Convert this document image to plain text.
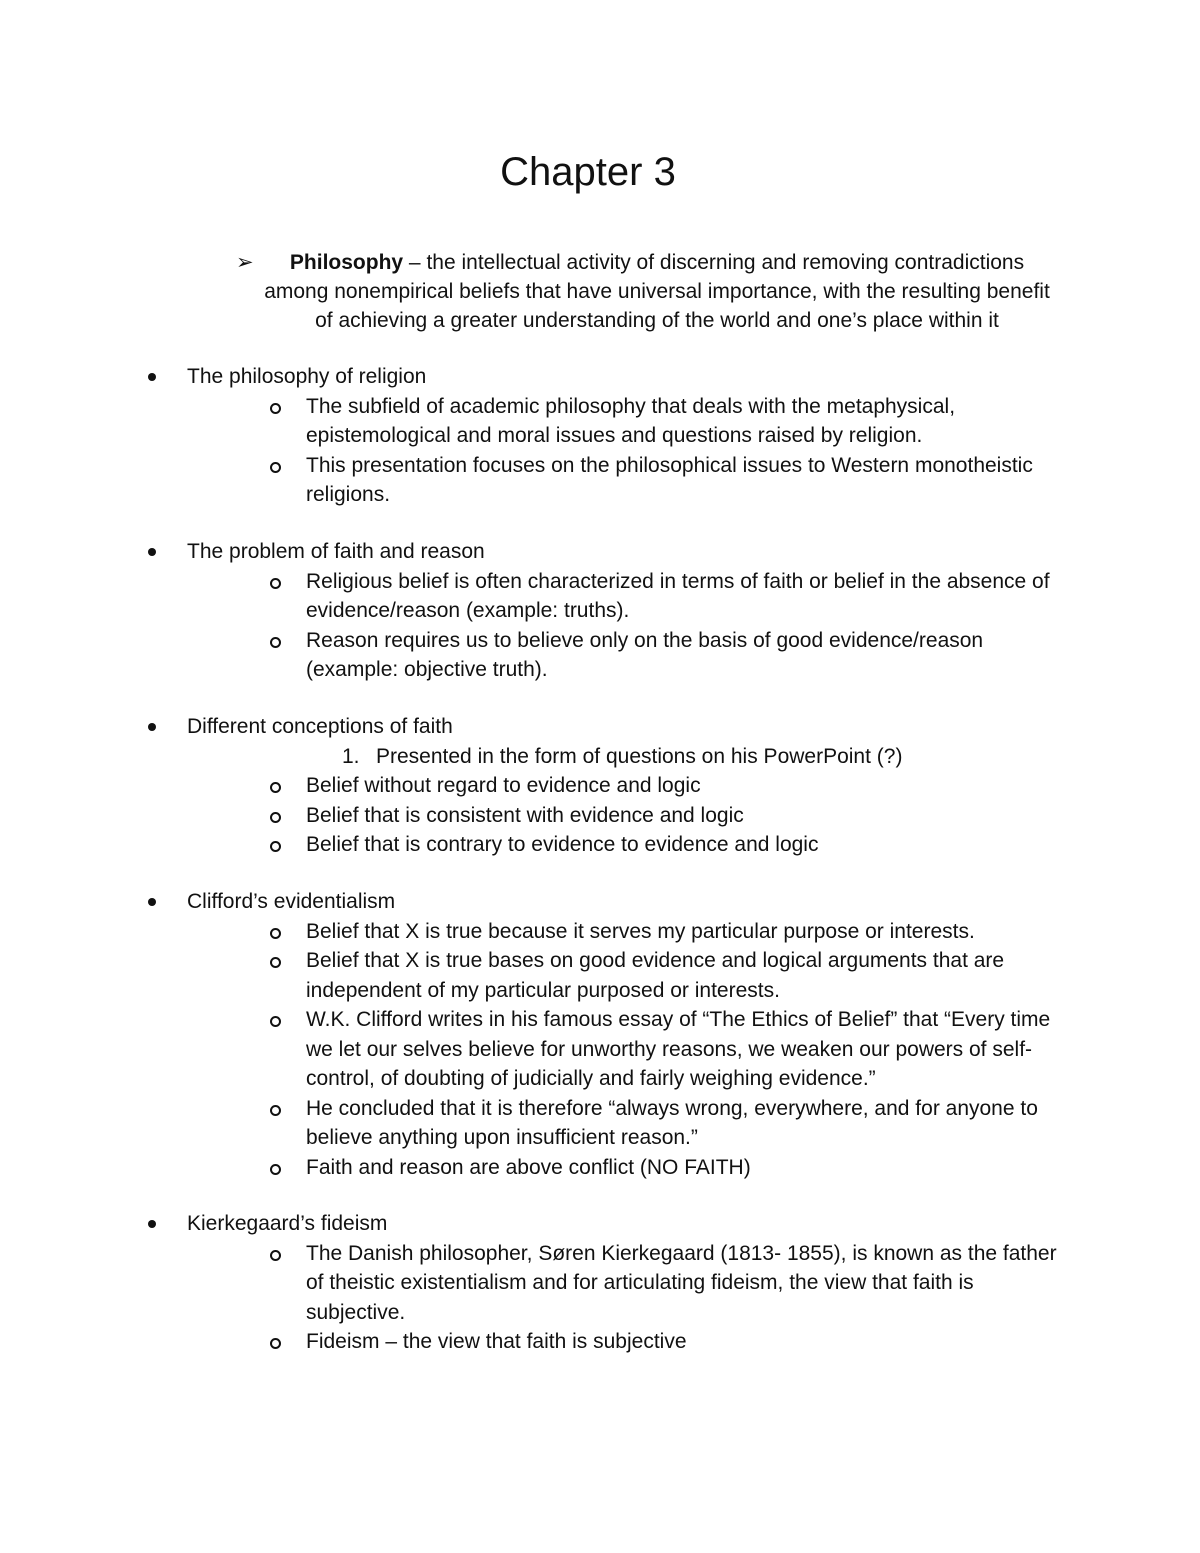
Chapter 3
➢	Philosophy – the intellectual activity of discerning and removing contradictions among nonempirical beliefs that have universal importance, with the resulting benefit of achieving a greater understanding of the world and one’s place within it
The philosophy of religion
The subfield of academic philosophy that deals with the metaphysical, epistemological and moral issues and questions raised by religion.
This presentation focuses on the philosophical issues to Western monotheistic religions.
The problem of faith and reason
Religious belief is often characterized in terms of faith or belief in the absence of evidence/reason (example: truths).
Reason requires us to believe only on the basis of good evidence/reason (example: objective truth).
Different conceptions of faith
1. Presented in the form of questions on his PowerPoint (?)
Belief without regard to evidence and logic
Belief that is consistent with evidence and logic
Belief that is contrary to evidence to evidence and logic
Clifford’s evidentialism
Belief that X is true because it serves my particular purpose or interests.
Belief that X is true bases on good evidence and logical arguments that are independent of my particular purposed or interests.
W.K. Clifford writes in his famous essay of “The Ethics of Belief” that “Every time we let our selves believe for unworthy reasons, we weaken our powers of self-control, of doubting of judicially and fairly weighing evidence.”
He concluded that it is therefore “always wrong, everywhere, and for anyone to believe anything upon insufficient reason.”
Faith and reason are above conflict (NO FAITH)
Kierkegaard’s fideism
The Danish philosopher, Søren Kierkegaard (1813- 1855), is known as the father of theistic existentialism and for articulating fideism, the view that faith is subjective.
Fideism – the view that faith is subjective
